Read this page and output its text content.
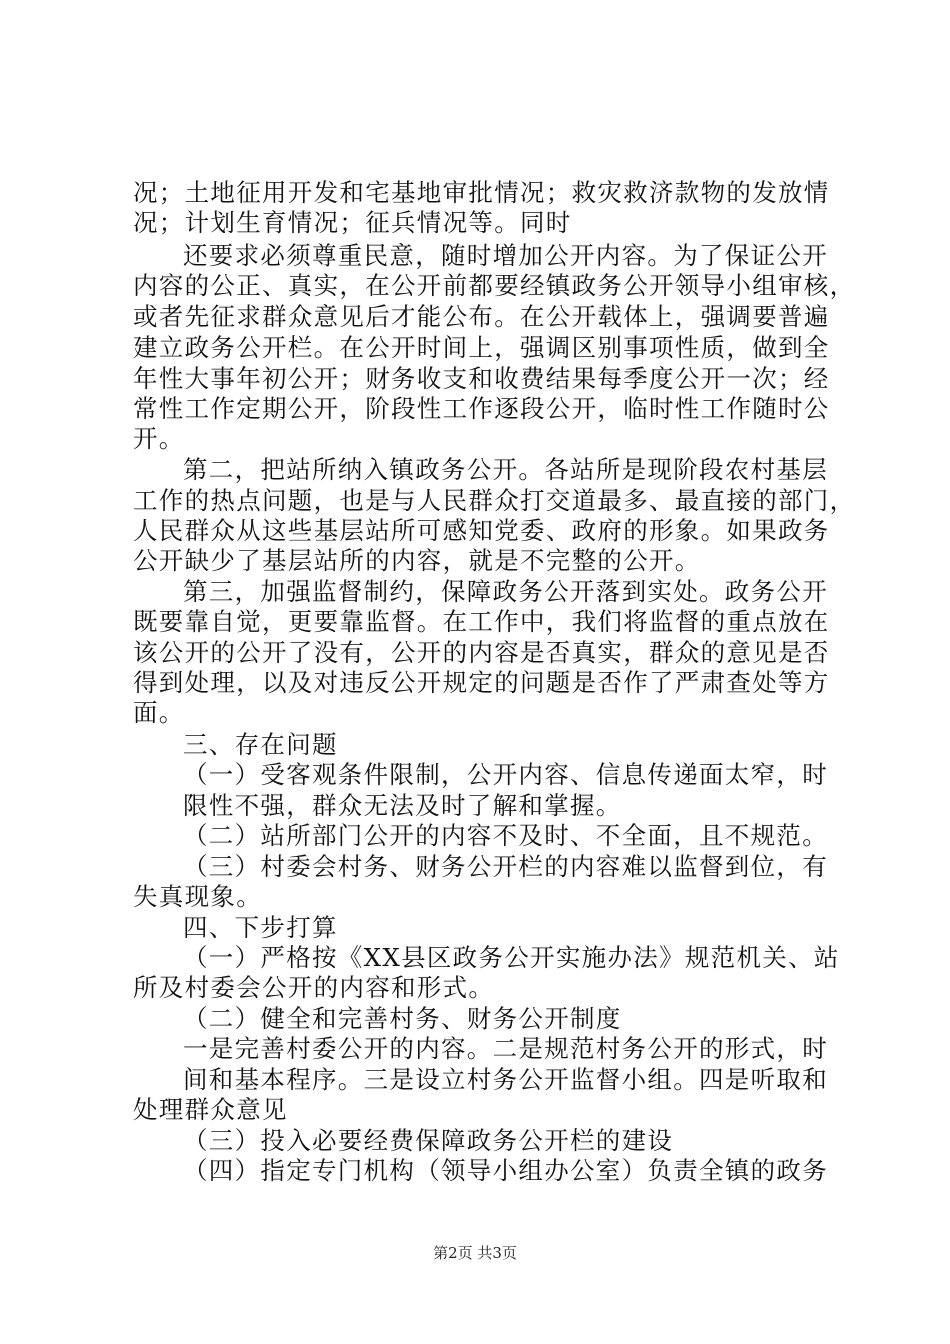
况；土地征用开发和宅基地审批情况；救灾救济款物的发放情
况；计划生育情况；征兵情况等。同时
还要求必须尊重民意，随时增加公开内容。为了保证公开
内容的公正、真实，在公开前都要经镇政务公开领导小组审核，
或者先征求群众意见后才能公布。在公开载体上，强调要普遍
建立政务公开栏。在公开时间上，强调区别事项性质，做到全
年性大事年初公开；财务收支和收费结果每季度公开一次；经
常性工作定期公开，阶段性工作逐段公开，临时性工作随时公
开。
第二，把站所纳入镇政务公开。各站所是现阶段农村基层
工作的热点问题，也是与人民群众打交道最多、最直接的部门，
人民群众从这些基层站所可感知党委、政府的形象。如果政务
公开缺少了基层站所的内容，就是不完整的公开。
第三，加强监督制约，保障政务公开落到实处。政务公开
既要靠自觉，更要靠监督。在工作中，我们将监督的重点放在
该公开的公开了没有，公开的内容是否真实，群众的意见是否
得到处理，以及对违反公开规定的问题是否作了严肃查处等方
面。
三、存在问题
（一）受客观条件限制，公开内容、信息传递面太窄，时
限性不强，群众无法及时了解和掌握。
（二）站所部门公开的内容不及时、不全面，且不规范。
（三）村委会村务、财务公开栏的内容难以监督到位，有
失真现象。
四、下步打算
（一）严格按《XX县区政务公开实施办法》规范机关、站
所及村委会公开的内容和形式。
（二）健全和完善村务、财务公开制度
一是完善村委公开的内容。二是规范村务公开的形式，时
间和基本程序。三是设立村务公开监督小组。四是听取和
处理群众意见
（三）投入必要经费保障政务公开栏的建设
（四）指定专门机构（领导小组办公室）负责全镇的政务
第2页 共3页
